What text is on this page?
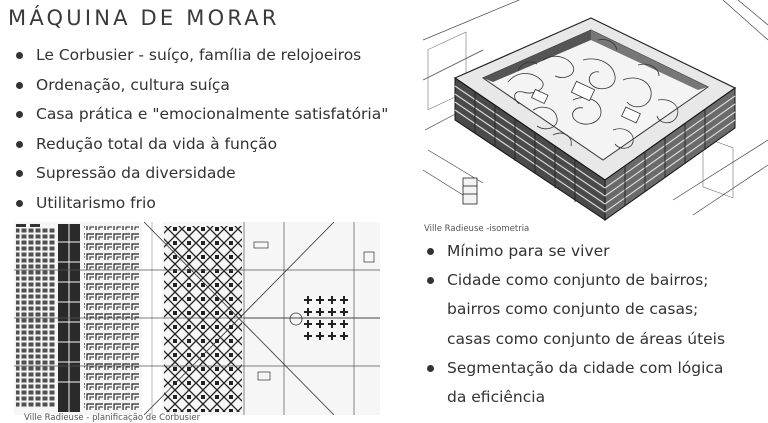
MÁQUINA DE MORAR
Le Corbusier - suíço, família de relojoeiros
Ordenação, cultura suíça
Casa prática e "emocionalmente satisfatória"
Redução total da vida à função
Supressão da diversidade
Utilitarismo frio
Ville Radieuse -isometria
Ville Radieuse - planificação de Corbusier
Mínimo para se viver
Cidade como conjunto de bairros;
bairros como conjunto de casas;
casas como conjunto de áreas úteis
Segmentação da cidade com lógica
da eficiência
